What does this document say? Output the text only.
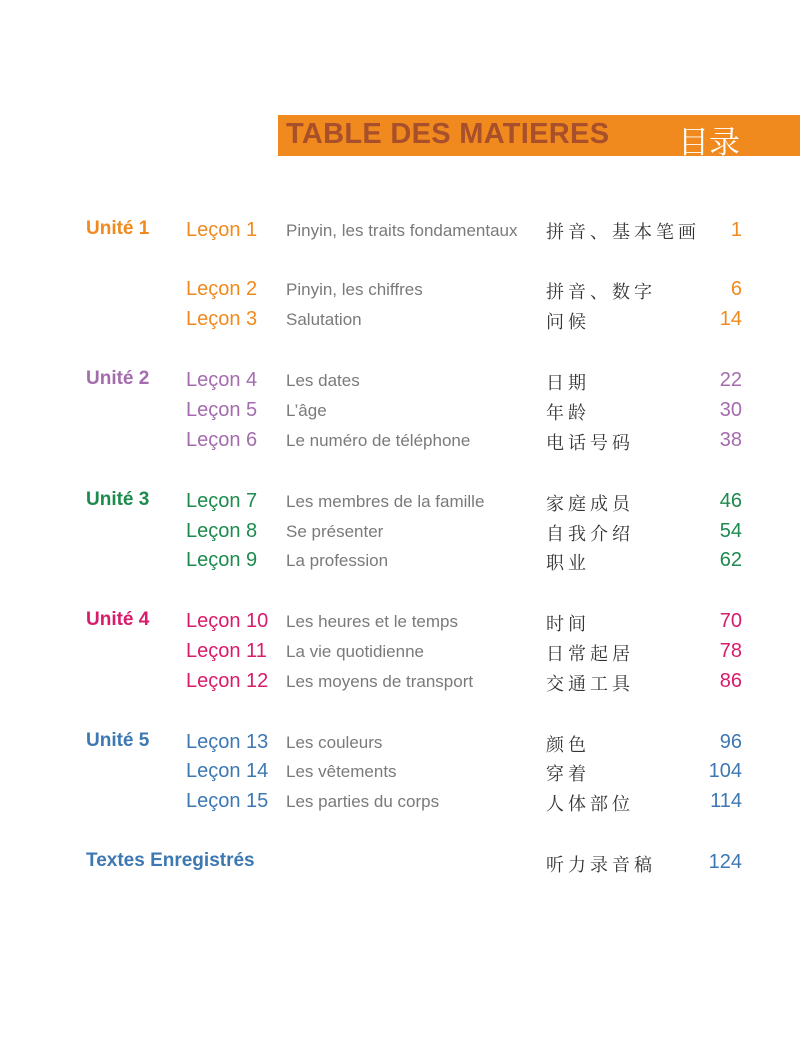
TABLE DES MATIERES 目录
Unité 1 Leçon 1 Pinyin, les traits fondamentaux	拼音、基本笔画	1
Leçon 2 Pinyin, les chiffres	拼音、数字	6
Leçon 3 Salutation	问候	14
Unité 2 Leçon 4 Les dates	日期	22
Leçon 5 L’âge	年龄	30
Leçon 6 Le numéro de téléphone	电话号码	38
Unité 3 Leçon 7 Les membres de la famille	家庭成员	46
Leçon 8 Se présenter	自我介绍	54
Leçon 9 La profession	职业	62
Unité 4 Leçon 10 Les heures et le temps	时间	70
Leçon 11 La vie quotidienne	日常起居	78
Leçon 12 Les moyens de transport	交通工具	86
Unité 5 Leçon 13 Les couleurs	颜色	96
Leçon 14 Les vêtements	穿着	104
Leçon 15 Les parties du corps	人体部位	114
Textes Enregistrés	听力录音稿	124
